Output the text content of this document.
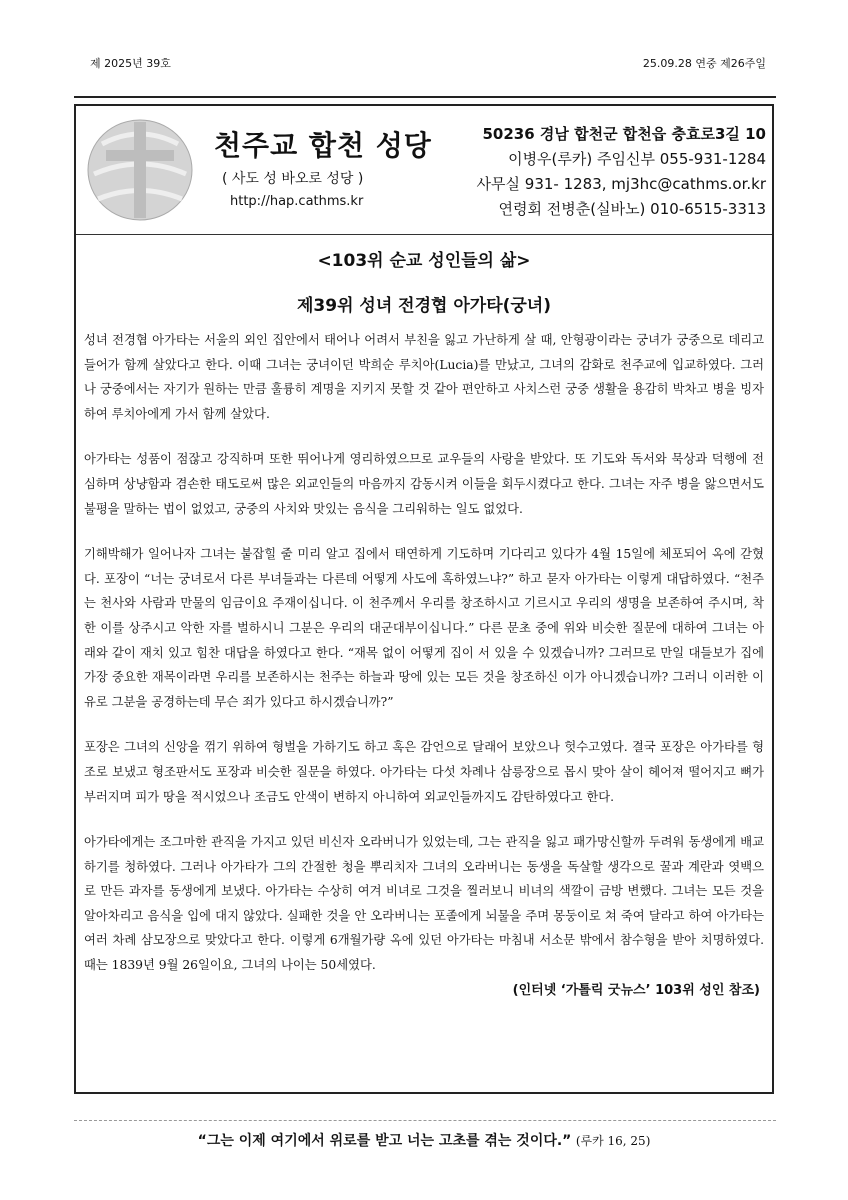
제 2025년 39호	25.09.28 연중 제26주일
천주교 합천 성당
( 사도 성 바오로 성당 )
http://hap.cathms.kr
50236 경남 합천군 합천읍 충효로3길 10
이병우(루카) 주임신부 055-931-1284
사무실 931- 1283, mj3hc@cathms.or.kr
연령회 전병춘(실바노) 010-6515-3313
<103위 순교 성인들의 삶>
제39위 성녀 전경협 아가타(궁녀)

성녀 전경협 아가타는 서울의 외인 집안에서 태어나 어려서 부친을 잃고 가난하게 살 때, 안형광이라는 궁녀가 궁중으로 데리고 들어가 함께 살았다고 한다. 이때 그녀는 궁녀이던 박희순 루치아(Lucia)를 만났고, 그녀의 감화로 천주교에 입교하였다. 그러나 궁중에서는 자기가 원하는 만큼 훌륭히 계명을 지키지 못할 것 같아 편안하고 사치스런 궁중 생활을 용감히 박차고 병을 빙자하여 루치아에게 가서 함께 살았다.

아가타는 성품이 점잖고 강직하며 또한 뛰어나게 영리하였으므로 교우들의 사랑을 받았다. 또 기도와 독서와 묵상과 덕행에 전심하며 상냥함과 겸손한 태도로써 많은 외교인들의 마음까지 감동시켜 이들을 회두시켰다고 한다. 그녀는 자주 병을 앓으면서도 불평을 말하는 법이 없었고, 궁중의 사치와 맛있는 음식을 그리워하는 일도 없었다.

기해박해가 일어나자 그녀는 붙잡힐 줄 미리 알고 집에서 태연하게 기도하며 기다리고 있다가 4월 15일에 체포되어 옥에 갇혔다. 포장이 “너는 궁녀로서 다른 부녀들과는 다른데 어떻게 사도에 혹하였느냐?” 하고 묻자 아가타는 이렇게 대답하였다. “천주는 천사와 사람과 만물의 임금이요 주재이십니다. 이 천주께서 우리를 창조하시고 기르시고 우리의 생명을 보존하여 주시며, 착한 이를 상주시고 악한 자를 벌하시니 그분은 우리의 대군대부이십니다.” 다른 문초 중에 위와 비슷한 질문에 대하여 그녀는 아래와 같이 재치 있고 힘찬 대답을 하였다고 한다. “재목 없이 어떻게 집이 서 있을 수 있겠습니까? 그러므로 만일 대들보가 집에 가장 중요한 재목이라면 우리를 보존하시는 천주는 하늘과 땅에 있는 모든 것을 창조하신 이가 아니겠습니까? 그러니 이러한 이유로 그분을 공경하는데 무슨 죄가 있다고 하시겠습니까?”

포장은 그녀의 신앙을 꺾기 위하여 형벌을 가하기도 하고 혹은 감언으로 달래어 보았으나 헛수고였다. 결국 포장은 아가타를 형조로 보냈고 형조판서도 포장과 비슷한 질문을 하였다. 아가타는 다섯 차례나 삼릉장으로 몹시 맞아 살이 헤어져 떨어지고 뼈가 부러지며 피가 땅을 적시었으나 조금도 안색이 변하지 아니하여 외교인들까지도 감탄하였다고 한다.

아가타에게는 조그마한 관직을 가지고 있던 비신자 오라버니가 있었는데, 그는 관직을 잃고 패가망신할까 두려워 동생에게 배교하기를 청하였다. 그러나 아가타가 그의 간절한 청을 뿌리치자 그녀의 오라버니는 동생을 독살할 생각으로 꿀과 계란과 엿백으로 만든 과자를 동생에게 보냈다. 아가타는 수상히 여겨 비녀로 그것을 찔러보니 비녀의 색깔이 금방 변했다. 그녀는 모든 것을 알아차리고 음식을 입에 대지 않았다. 실패한 것을 안 오라버니는 포졸에게 뇌물을 주며 몽둥이로 쳐 죽여 달라고 하여 아가타는 여러 차례 삼모장으로 맞았다고 한다. 이렇게 6개월가량 옥에 있던 아가타는 마침내 서소문 밖에서 참수형을 받아 치명하였다. 때는 1839년 9월 26일이요, 그녀의 나이는 50세였다.

(인터넷 ‘가톨릭 굿뉴스’ 103위 성인 참조)
“그는 이제 여기에서 위로를 받고 너는 고초를 겪는 것이다.” (루카 16, 25)
